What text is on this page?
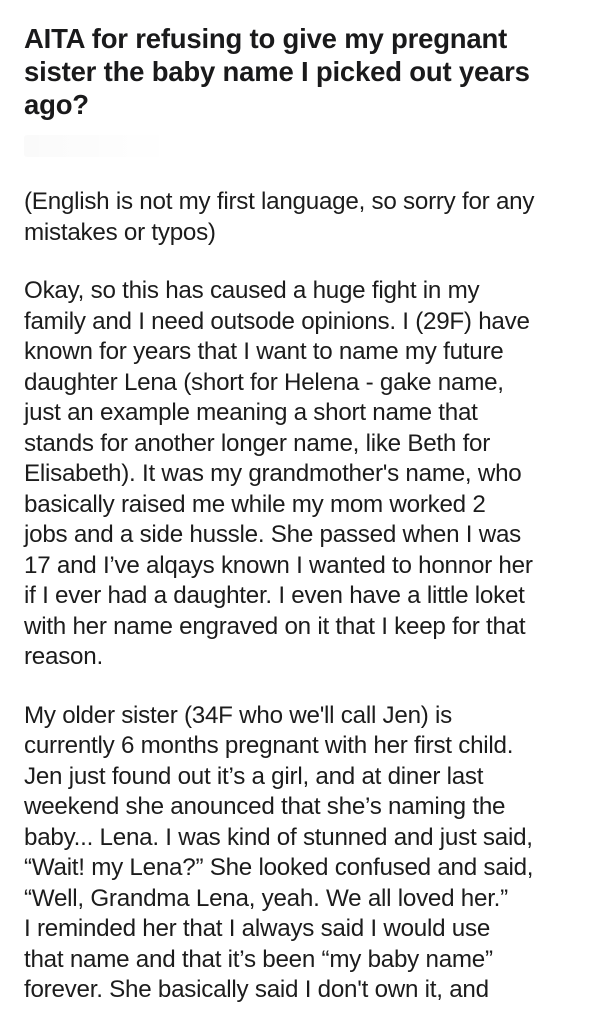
AITA for refusing to give my pregnant sister the baby name I picked out years ago?

(English is not my first language, so sorry for any
mistakes or typos)

Okay, so this has caused a huge fight in my
family and I need outsode opinions. I (29F) have
known for years that I want to name my future
daughter Lena (short for Helena - gake name,
just an example meaning a short name that
stands for another longer name, like Beth for
Elisabeth). It was my grandmother's name, who
basically raised me while my mom worked 2
jobs and a side hussle. She passed when I was
17 and I’ve alqays known I wanted to honnor her
if I ever had a daughter. I even have a little loket
with her name engraved on it that I keep for that
reason.

My older sister (34F who we'll call Jen) is
currently 6 months pregnant with her first child.
Jen just found out it’s a girl, and at diner last
weekend she anounced that she’s naming the
baby... Lena. I was kind of stunned and just said,
“Wait! my Lena?” She looked confused and said,
“Well, Grandma Lena, yeah. We all loved her.”
I reminded her that I always said I would use
that name and that it’s been “my baby name”
forever. She basically said I don't own it, and
